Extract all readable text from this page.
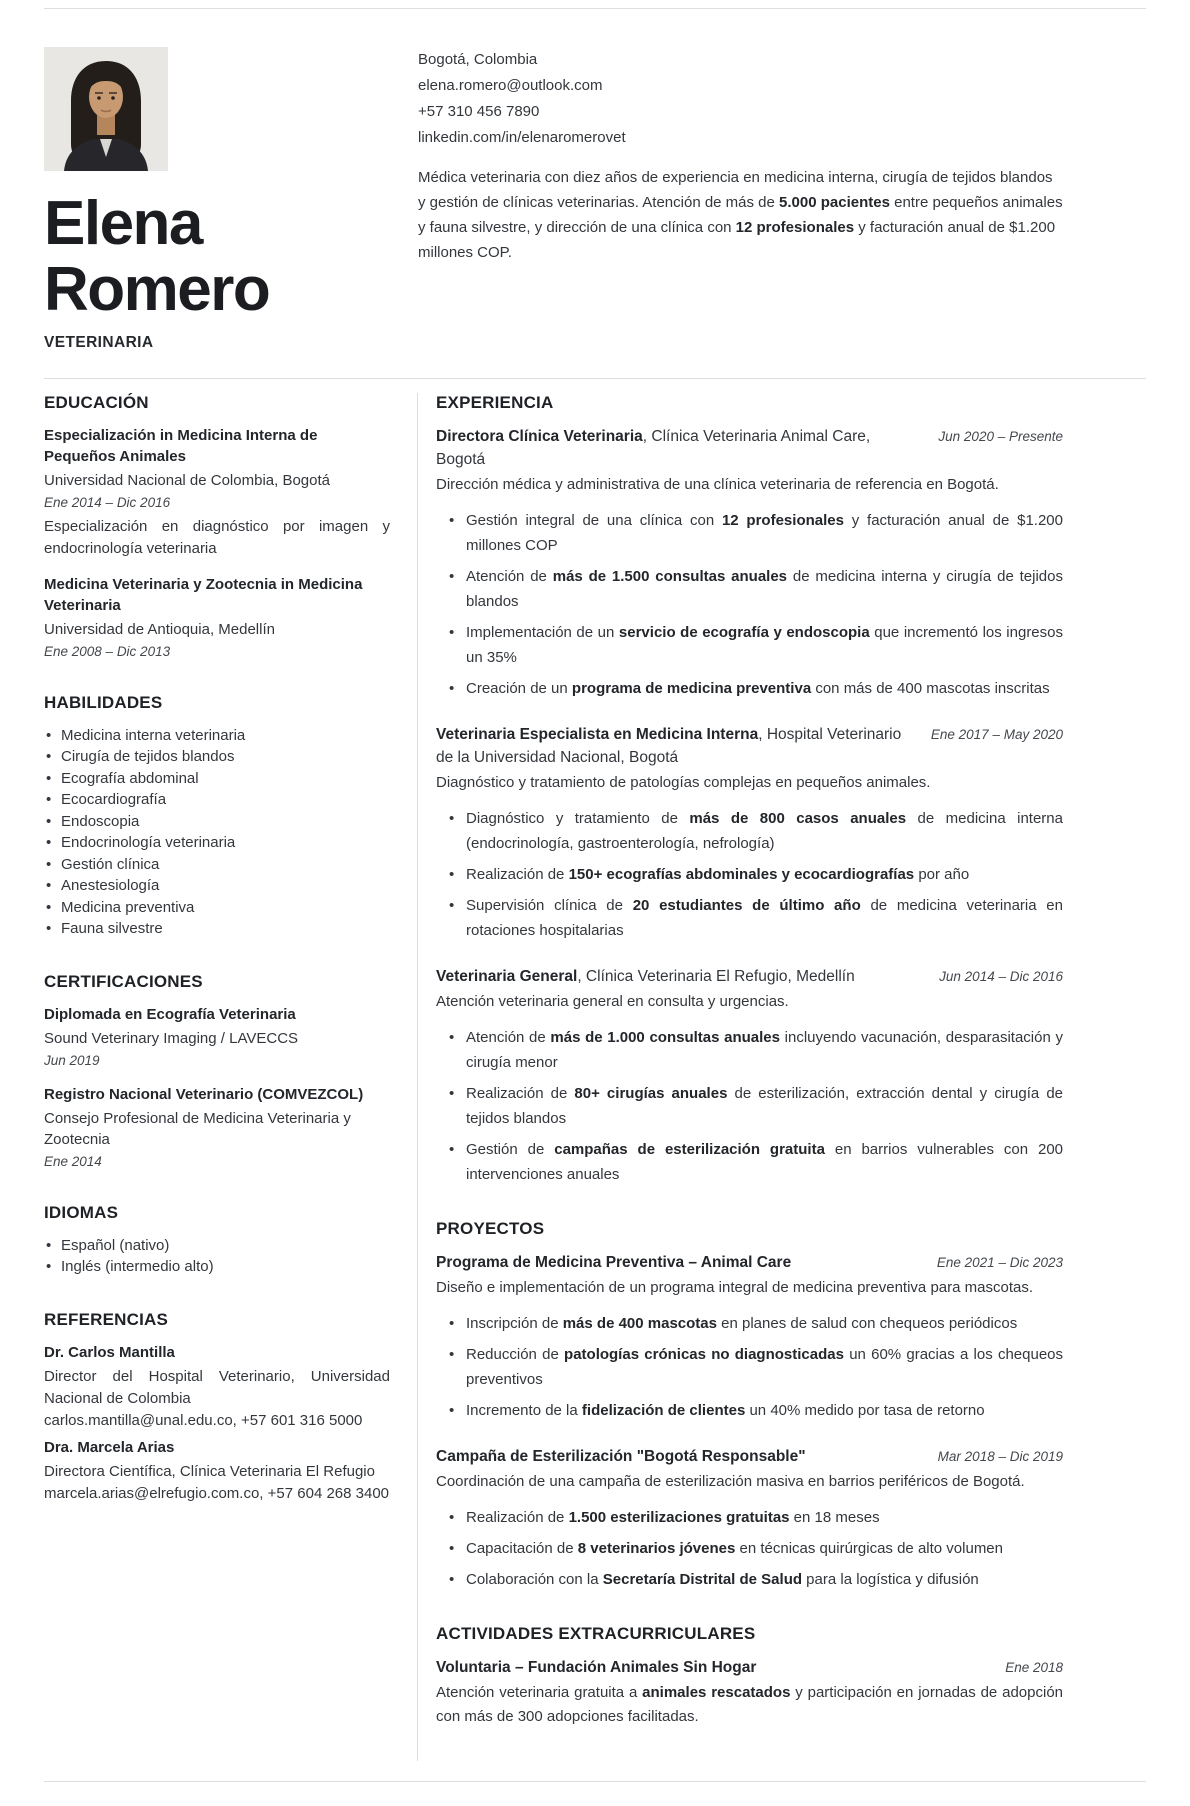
Elena Romero
VETERINARIA
Bogotá, Colombia
elena.romero@outlook.com
+57 310 456 7890
linkedin.com/in/elenaromerovet

Médica veterinaria con diez años de experiencia en medicina interna, cirugía de tejidos blandos y gestión de clínicas veterinarias. Atención de más de 5.000 pacientes entre pequeños animales y fauna silvestre, y dirección de una clínica con 12 profesionales y facturación anual de $1.200 millones COP.

EDUCACIÓN
Especialización in Medicina Interna de Pequeños Animales
Universidad Nacional de Colombia, Bogotá
Ene 2014 – Dic 2016
Especialización en diagnóstico por imagen y endocrinología veterinaria
Medicina Veterinaria y Zootecnia in Medicina Veterinaria
Universidad de Antioquia, Medellín
Ene 2008 – Dic 2013
HABILIDADES
• Medicina interna veterinaria
• Cirugía de tejidos blandos
• Ecografía abdominal
• Ecocardiografía
• Endoscopia
• Endocrinología veterinaria
• Gestión clínica
• Anestesiología
• Medicina preventiva
• Fauna silvestre
CERTIFICACIONES
Diplomada en Ecografía Veterinaria
Sound Veterinary Imaging / LAVECCS
Jun 2019
Registro Nacional Veterinario (COMVEZCOL)
Consejo Profesional de Medicina Veterinaria y Zootecnia
Ene 2014
IDIOMAS
• Español (nativo)
• Inglés (intermedio alto)
REFERENCIAS
Dr. Carlos Mantilla
Director del Hospital Veterinario, Universidad Nacional de Colombia
carlos.mantilla@unal.edu.co, +57 601 316 5000
Dra. Marcela Arias
Directora Científica, Clínica Veterinaria El Refugio
marcela.arias@elrefugio.com.co, +57 604 268 3400
EXPERIENCIA
Directora Clínica Veterinaria, Clínica Veterinaria Animal Care, Bogotá
Jun 2020 – Presente

Dirección médica y administrativa de una clínica veterinaria de referencia en Bogotá.

• Gestión integral de una clínica con 12 profesionales y facturación anual de $1.200 millones COP
• Atención de más de 1.500 consultas anuales de medicina interna y cirugía de tejidos blandos
• Implementación de un servicio de ecografía y endoscopia que incrementó los ingresos un 35%
• Creación de un programa de medicina preventiva con más de 400 mascotas inscritas
Veterinaria Especialista en Medicina Interna, Hospital Veterinario de la Universidad Nacional, Bogotá
Ene 2017 – May 2020

Diagnóstico y tratamiento de patologías complejas en pequeños animales.

• Diagnóstico y tratamiento de más de 800 casos anuales de medicina interna (endocrinología, gastroenterología, nefrología)
• Realización de 150+ ecografías abdominales y ecocardiografías por año
• Supervisión clínica de 20 estudiantes de último año de medicina veterinaria en rotaciones hospitalarias
Veterinaria General, Clínica Veterinaria El Refugio, Medellín	Jun 2014 – Dic 2016

Atención veterinaria general en consulta y urgencias.

• Atención de más de 1.000 consultas anuales incluyendo vacunación, desparasitación y cirugía menor
• Realización de 80+ cirugías anuales de esterilización, extracción dental y cirugía de tejidos blandos
• Gestión de campañas de esterilización gratuita en barrios vulnerables con 200 intervenciones anuales
PROYECTOS
Programa de Medicina Preventiva – Animal Care	Ene 2021 – Dic 2023

Diseño e implementación de un programa integral de medicina preventiva para mascotas.

• Inscripción de más de 400 mascotas en planes de salud con chequeos periódicos
• Reducción de patologías crónicas no diagnosticadas un 60% gracias a los chequeos preventivos
• Incremento de la fidelización de clientes un 40% medido por tasa de retorno
Campaña de Esterilización "Bogotá Responsable"	Mar 2018 – Dic 2019

Coordinación de una campaña de esterilización masiva en barrios periféricos de Bogotá.

• Realización de 1.500 esterilizaciones gratuitas en 18 meses
• Capacitación de 8 veterinarios jóvenes en técnicas quirúrgicas de alto volumen
• Colaboración con la Secretaría Distrital de Salud para la logística y difusión
ACTIVIDADES EXTRACURRICULARES
Voluntaria – Fundación Animales Sin Hogar	Ene 2018

Atención veterinaria gratuita a animales rescatados y participación en jornadas de adopción con más de 300 adopciones facilitadas.
